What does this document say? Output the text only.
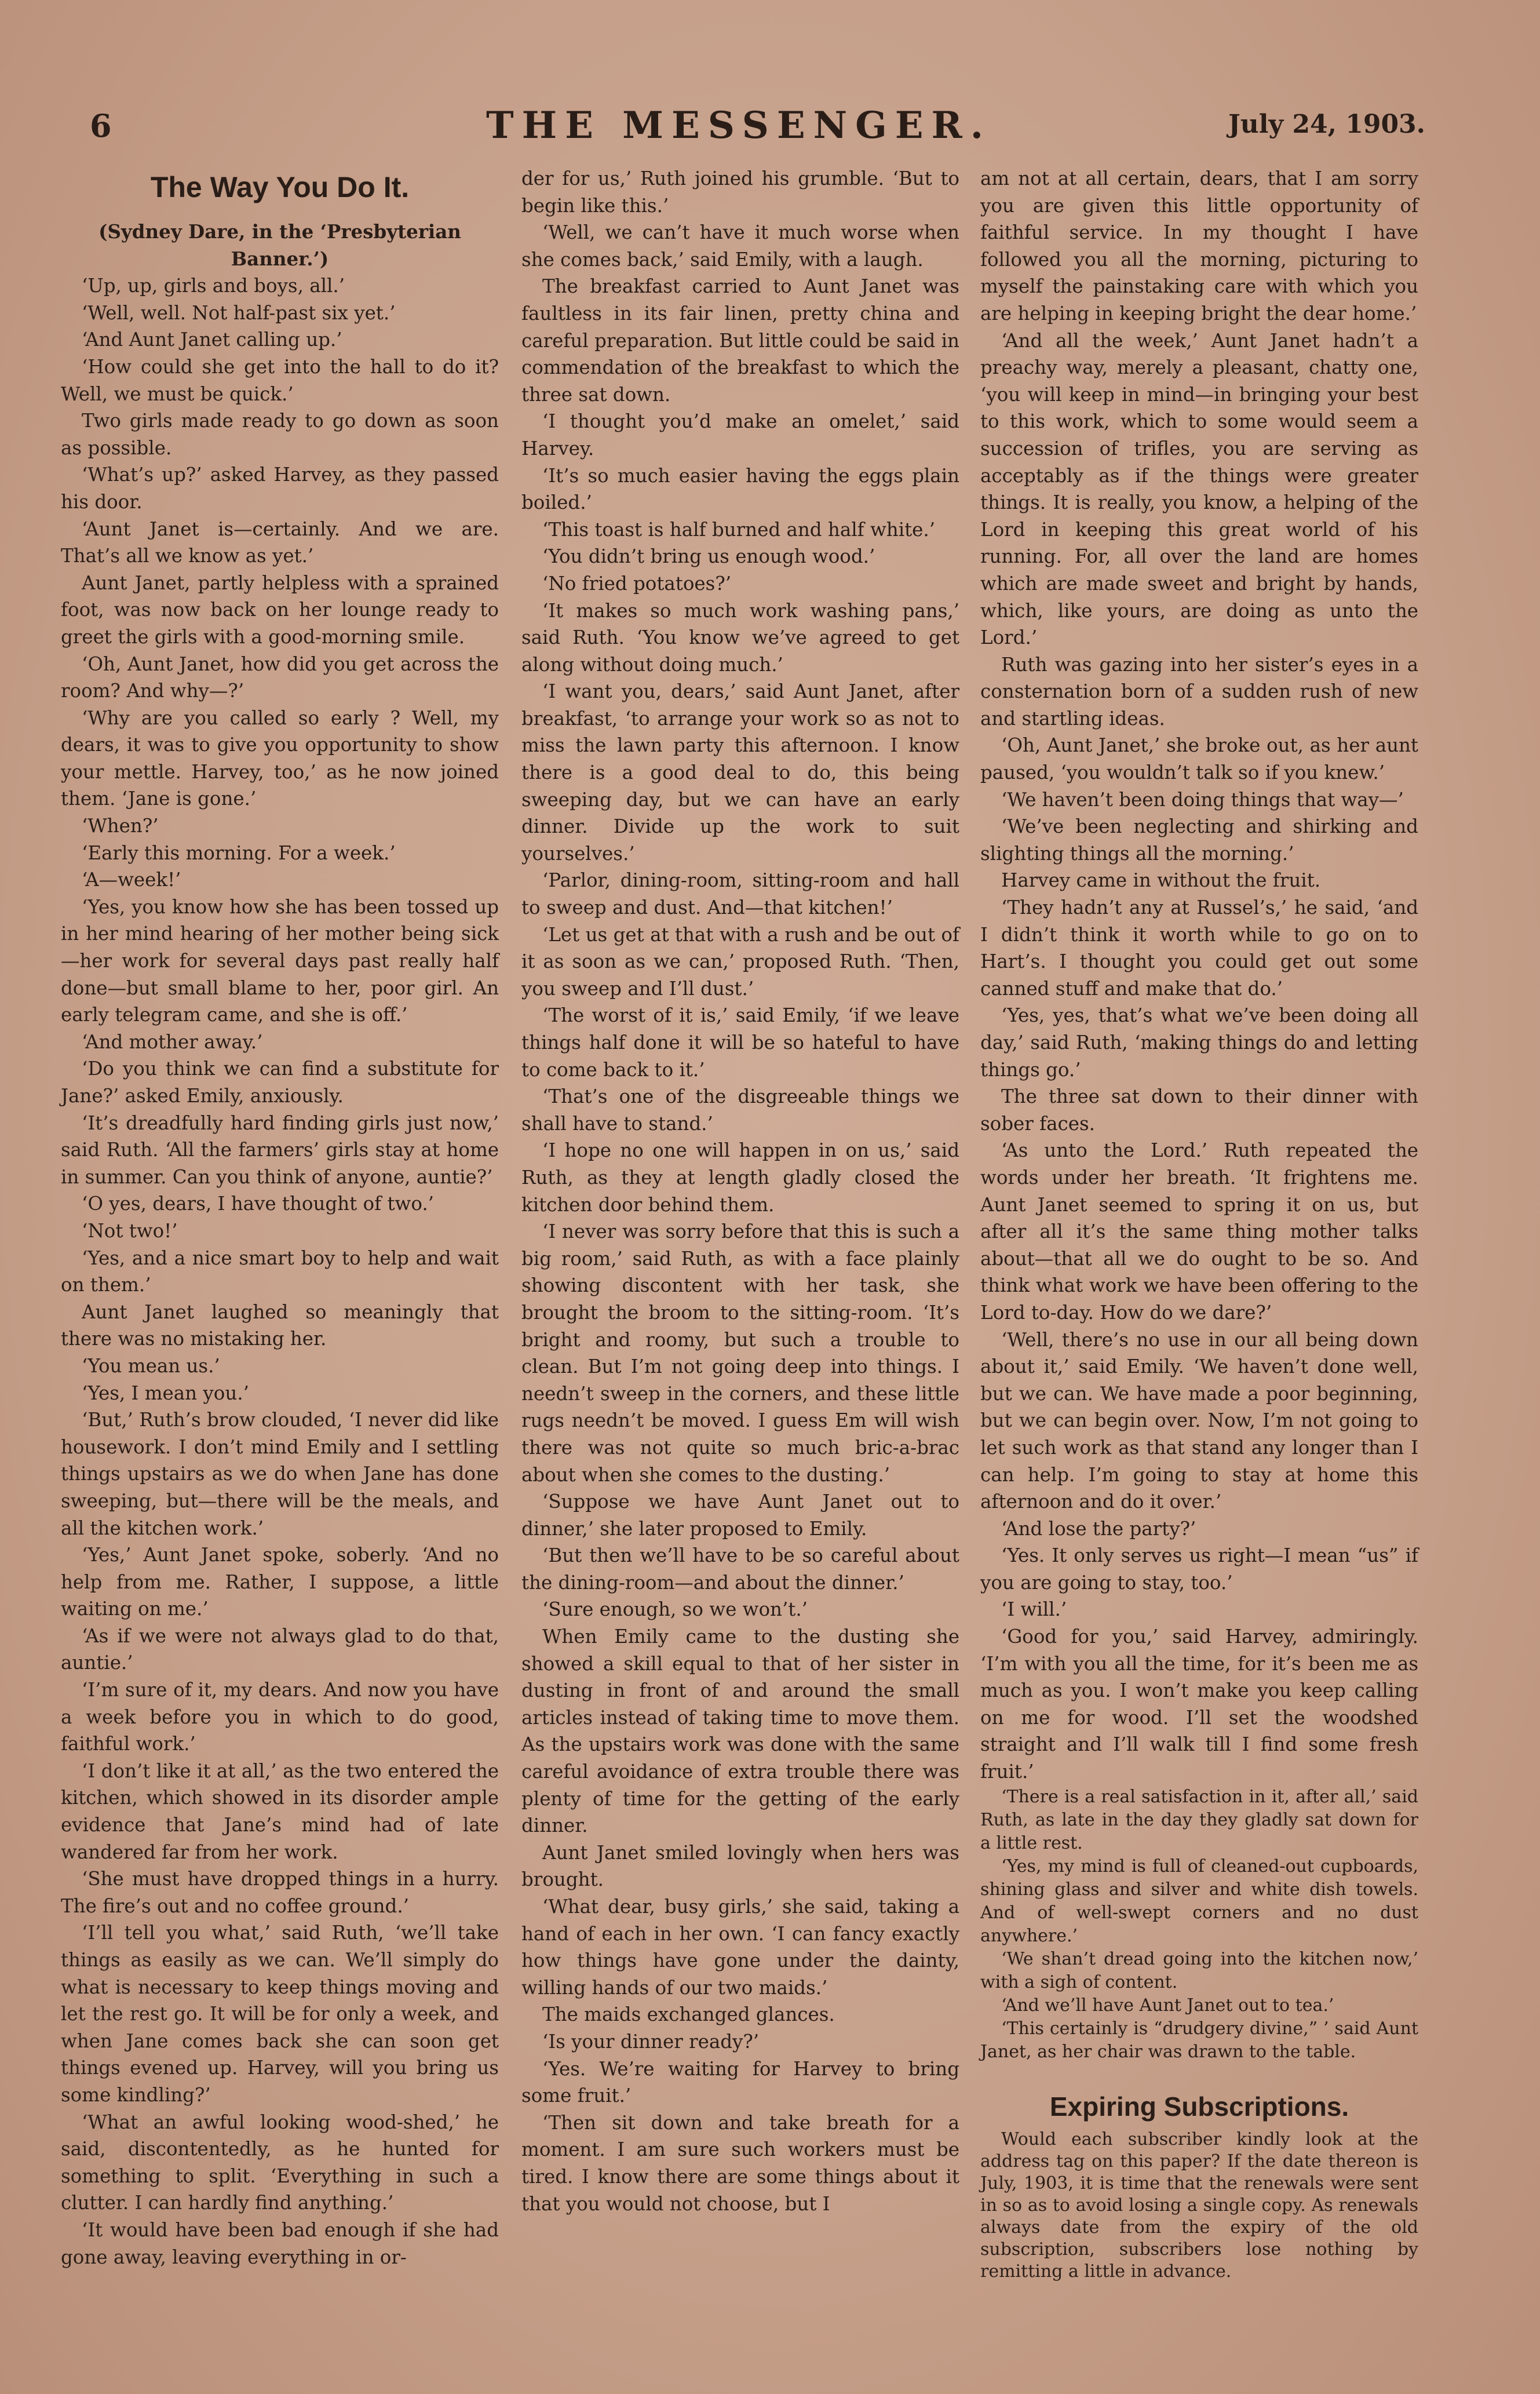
6	THE MESSENGER.	July 24, 1903.
The Way You Do It.
(Sydney Dare, in the ‘Presbyterian Banner.’)

‘Up, up, girls and boys, all.’

‘Well, well. Not half-past six yet.’

‘And Aunt Janet calling up.’

‘How could she get into the hall to do it? Well, we must be quick.’

Two girls made ready to go down as soon as possible.

‘What’s up?’ asked Harvey, as they passed his door.

‘Aunt Janet is—certainly. And we are. That’s all we know as yet.’

Aunt Janet, partly helpless with a sprained foot, was now back on her lounge ready to greet the girls with a good-morning smile.

‘Oh, Aunt Janet, how did you get across the room? And why—?’

‘Why are you called so early ? Well, my dears, it was to give you opportunity to show your mettle. Harvey, too,’ as he now joined them. ‘Jane is gone.’

‘When?’

‘Early this morning. For a week.’

‘A—week!’

‘Yes, you know how she has been tossed up in her mind hearing of her mother being sick—her work for several days past really half done—but small blame to her, poor girl. An early telegram came, and she is off.’

‘And mother away.’

‘Do you think we can find a substitute for Jane?’ asked Emily, anxiously.

‘It’s dreadfully hard finding girls just now,’ said Ruth. ‘All the farmers’ girls stay at home in summer. Can you think of anyone, auntie?’

‘O yes, dears, I have thought of two.’

‘Not two!’

‘Yes, and a nice smart boy to help and wait on them.’

Aunt Janet laughed so meaningly that there was no mistaking her.

‘You mean us.’

‘Yes, I mean you.’

‘But,’ Ruth’s brow clouded, ‘I never did like housework. I don’t mind Emily and I settling things upstairs as we do when Jane has done sweeping, but—there will be the meals, and all the kitchen work.’

‘Yes,’ Aunt Janet spoke, soberly. ‘And no help from me. Rather, I suppose, a little waiting on me.’

‘As if we were not always glad to do that, auntie.’

‘I’m sure of it, my dears. And now you have a week before you in which to do good, faithful work.’

‘I don’t like it at all,’ as the two entered the kitchen, which showed in its disorder ample evidence that Jane’s mind had of late wandered far from her work.

‘She must have dropped things in a hurry. The fire’s out and no coffee ground.’

‘I’ll tell you what,’ said Ruth, ‘we’ll take things as easily as we can. We’ll simply do what is necessary to keep things moving and let the rest go. It will be for only a week, and when Jane comes back she can soon get things evened up. Harvey, will you bring us some kindling?’

‘What an awful looking wood-shed,’ he said, discontentedly, as he hunted for something to split. ‘Everything in such a clutter. I can hardly find anything.’

‘It would have been bad enough if she had gone away, leaving everything in or-

der for us,’ Ruth joined his grumble. ‘But to begin like this.’

‘Well, we can’t have it much worse when she comes back,’ said Emily, with a laugh.

The breakfast carried to Aunt Janet was faultless in its fair linen, pretty china and careful preparation. But little could be said in commendation of the breakfast to which the three sat down.

‘I thought you’d make an omelet,’ said Harvey.

‘It’s so much easier having the eggs plain boiled.’

‘This toast is half burned and half white.’

‘You didn’t bring us enough wood.’

‘No fried potatoes?’

‘It makes so much work washing pans,’ said Ruth. ‘You know we’ve agreed to get along without doing much.’

‘I want you, dears,’ said Aunt Janet, after breakfast, ‘to arrange your work so as not to miss the lawn party this afternoon. I know there is a good deal to do, this being sweeping day, but we can have an early dinner. Divide up the work to suit yourselves.’

‘Parlor, dining-room, sitting-room and hall to sweep and dust. And—that kitchen!’

‘Let us get at that with a rush and be out of it as soon as we can,’ proposed Ruth. ‘Then, you sweep and I’ll dust.’

‘The worst of it is,’ said Emily, ‘if we leave things half done it will be so hateful to have to come back to it.’

‘That’s one of the disgreeable things we shall have to stand.’

‘I hope no one will happen in on us,’ said Ruth, as they at length gladly closed the kitchen door behind them.

‘I never was sorry before that this is such a big room,’ said Ruth, as with a face plainly showing discontent with her task, she brought the broom to the sitting-room. ‘It’s bright and roomy, but such a trouble to clean. But I’m not going deep into things. I needn’t sweep in the corners, and these little rugs needn’t be moved. I guess Em will wish there was not quite so much bric-a-brac about when she comes to the dusting.’

‘Suppose we have Aunt Janet out to dinner,’ she later proposed to Emily.

‘But then we’ll have to be so careful about the dining-room—and about the dinner.’

‘Sure enough, so we won’t.’

When Emily came to the dusting she showed a skill equal to that of her sister in dusting in front of and around the small articles instead of taking time to move them. As the upstairs work was done with the same careful avoidance of extra trouble there was plenty of time for the getting of the early dinner.

Aunt Janet smiled lovingly when hers was brought.

‘What dear, busy girls,’ she said, taking a hand of each in her own. ‘I can fancy exactly how things have gone under the dainty, willing hands of our two maids.’

The maids exchanged glances.

‘Is your dinner ready?’

‘Yes. We’re waiting for Harvey to bring some fruit.’

‘Then sit down and take breath for a moment. I am sure such workers must be tired. I know there are some things about it that you would not choose, but I

am not at all certain, dears, that I am sorry you are given this little opportunity of faithful service. In my thought I have followed you all the morning, picturing to myself the painstaking care with which you are helping in keeping bright the dear home.’

‘And all the week,’ Aunt Janet hadn’t a preachy way, merely a pleasant, chatty one, ‘you will keep in mind—in bringing your best to this work, which to some would seem a succession of trifles, you are serving as acceptably as if the things were greater things. It is really, you know, a helping of the Lord in keeping this great world of his running. For, all over the land are homes which are made sweet and bright by hands, which, like yours, are doing as unto the Lord.’

Ruth was gazing into her sister’s eyes in a consternation born of a sudden rush of new and startling ideas.

‘Oh, Aunt Janet,’ she broke out, as her aunt paused, ‘you wouldn’t talk so if you knew.’

‘We haven’t been doing things that way—’

‘We’ve been neglecting and shirking and slighting things all the morning.’

Harvey came in without the fruit.

‘They hadn’t any at Russel’s,’ he said, ‘and I didn’t think it worth while to go on to Hart’s. I thought you could get out some canned stuff and make that do.’

‘Yes, yes, that’s what we’ve been doing all day,’ said Ruth, ‘making things do and letting things go.’

The three sat down to their dinner with sober faces.

‘As unto the Lord.’ Ruth repeated the words under her breath. ‘It frightens me. Aunt Janet seemed to spring it on us, but after all it’s the same thing mother talks about—that all we do ought to be so. And think what work we have been offering to the Lord to-day. How do we dare?’

‘Well, there’s no use in our all being down about it,’ said Emily. ‘We haven’t done well, but we can. We have made a poor beginning, but we can begin over. Now, I’m not going to let such work as that stand any longer than I can help. I’m going to stay at home this afternoon and do it over.’

‘And lose the party?’

‘Yes. It only serves us right—I mean “us” if you are going to stay, too.’

‘I will.’

‘Good for you,’ said Harvey, admiringly. ‘I’m with you all the time, for it’s been me as much as you. I won’t make you keep calling on me for wood. I’ll set the woodshed straight and I’ll walk till I find some fresh fruit.’

‘There is a real satisfaction in it, after all,’ said Ruth, as late in the day they gladly sat down for a little rest.

‘Yes, my mind is full of cleaned-out cupboards, shining glass and silver and white dish towels. And of well-swept corners and no dust anywhere.’

‘We shan’t dread going into the kitchen now,’ with a sigh of content.

‘And we’ll have Aunt Janet out to tea.’

‘This certainly is “drudgery divine,” ’ said Aunt Janet, as her chair was drawn to the table.

Expiring Subscriptions.

Would each subscriber kindly look at the address tag on this paper? If the date thereon is July, 1903, it is time that the renewals were sent in so as to avoid losing a single copy. As renewals always date from the expiry of the old subscription, subscribers lose nothing by remitting a little in advance.
